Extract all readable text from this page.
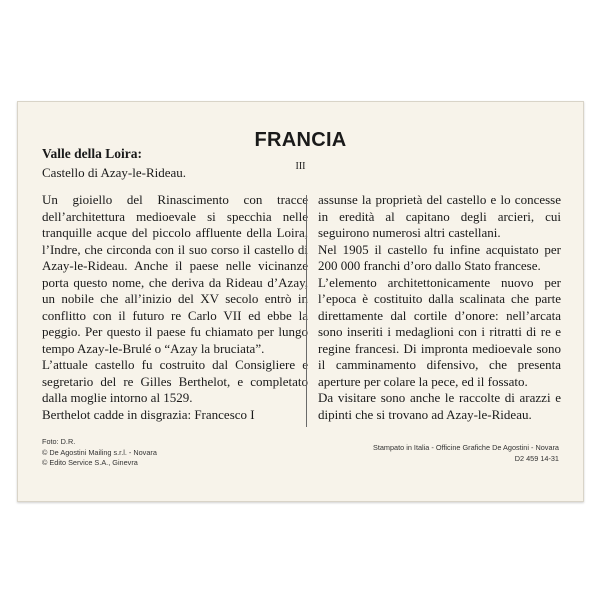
FRANCIA
III
Valle della Loira:
Castello di Azay-le-Rideau.

Un gioiello del Rinascimento con tracce dell’architettura medioevale si specchia nelle tranquille acque del piccolo affluente della Loira, l’Indre, che circonda con il suo corso il castello di Azay-le-Rideau. Anche il paese nelle vicinanze porta questo nome, che deriva da Rideau d’Azay, un nobile che all’inizio del XV secolo entrò in conflitto con il futuro re Carlo VII ed ebbe la peggio. Per questo il paese fu chiamato per lungo tempo Azay-le-Brulé o “Azay la bruciata”.

L’attuale castello fu costruito dal Consigliere e segretario del re Gilles Berthelot, e completato dalla moglie intorno al 1529.

Berthelot cadde in disgrazia: Francesco I

assunse la proprietà del castello e lo concesse in eredità al capitano degli arcieri, cui seguirono numerosi altri castellani.

Nel 1905 il castello fu infine acquistato per 200 000 franchi d’oro dallo Stato francese.

L’elemento architettonicamente nuovo per l’epoca è costituito dalla scalinata che parte direttamente dal cortile d’onore: nell’arcata sono inseriti i medaglioni con i ritratti di re e regine francesi. Di impronta medioevale sono il camminamento difensivo, che presenta aperture per colare la pece, ed il fossato.

Da visitare sono anche le raccolte di arazzi e dipinti che si trovano ad Azay-le-Rideau.

Foto: D.R.
© De Agostini Mailing s.r.l. - Novara
© Edito Service S.A., Ginevra
Stampato in Italia - Officine Grafiche De Agostini - Novara
D2 459 14-31
